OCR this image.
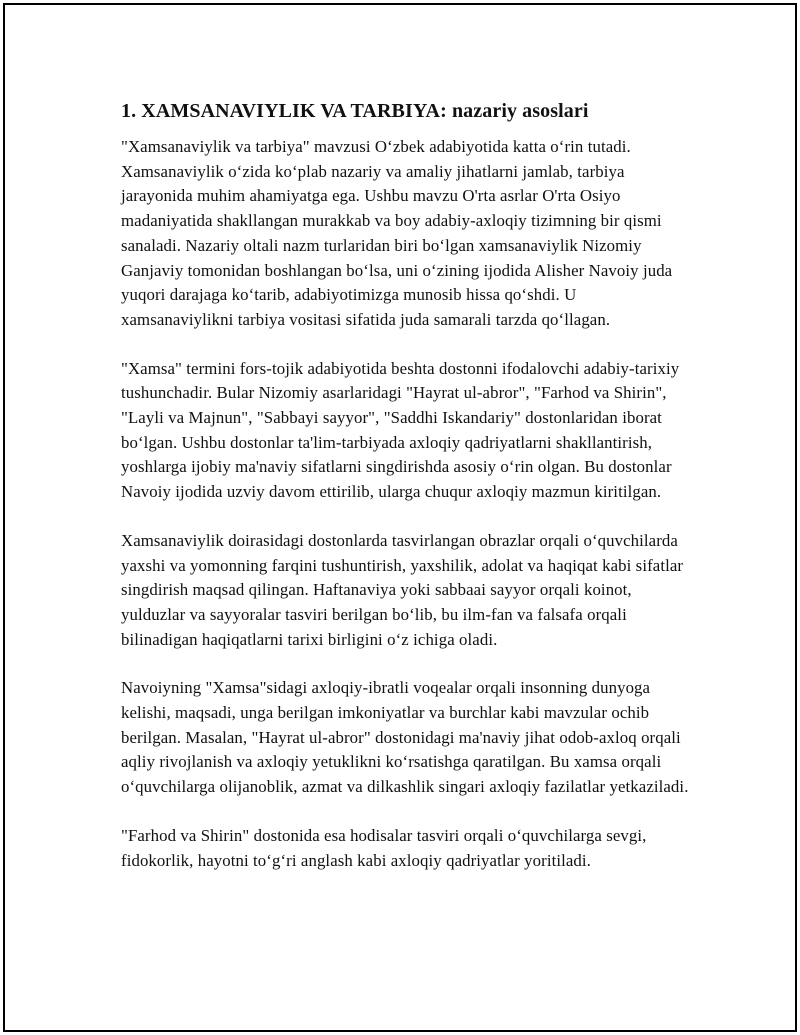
1. XAMSANAVIYLIK VA TARBIYA: nazariy asoslari

"Xamsanaviylik va tarbiya" mavzusi O‘zbek adabiyotida katta o‘rin tutadi. Xamsanaviylik o‘zida ko‘plab nazariy va amaliy jihatlarni jamlab, tarbiya jarayonida muhim ahamiyatga ega. Ushbu mavzu O'rta asrlar O'rta Osiyo madaniyatida shakllangan murakkab va boy adabiy-axloqiy tizimning bir qismi sanaladi. Nazariy oltali nazm turlaridan biri bo‘lgan xamsanaviylik Nizomiy Ganjaviy tomonidan boshlangan bo‘lsa, uni o‘zining ijodida Alisher Navoiy juda yuqori darajaga ko‘tarib, adabiyotimizga munosib hissa qo‘shdi. U xamsanaviylikni tarbiya vositasi sifatida juda samarali tarzda qo‘llagan.

"Xamsa" termini fors-tojik adabiyotida beshta dostonni ifodalovchi adabiy-tarixiy tushunchadir. Bular Nizomiy asarlaridagi "Hayrat ul-abror", "Farhod va Shirin", "Layli va Majnun", "Sabbayi sayyor", "Saddhi Iskandariy" dostonlaridan iborat bo‘lgan. Ushbu dostonlar ta'lim-tarbiyada axloqiy qadriyatlarni shakllantirish, yoshlarga ijobiy ma'naviy sifatlarni singdirishda asosiy o‘rin olgan. Bu dostonlar Navoiy ijodida uzviy davom ettirilib, ularga chuqur axloqiy mazmun kiritilgan.

Xamsanaviylik doirasidagi dostonlarda tasvirlangan obrazlar orqali o‘quvchilarda yaxshi va yomonning farqini tushuntirish, yaxshilik, adolat va haqiqat kabi sifatlar singdirish maqsad qilingan. Haftanaviya yoki sabbaai sayyor orqali koinot, yulduzlar va sayyoralar tasviri berilgan bo‘lib, bu ilm-fan va falsafa orqali bilinadigan haqiqatlarni tarixi birligini o‘z ichiga oladi.

Navoiyning "Xamsa"sidagi axloqiy-ibratli voqealar orqali insonning dunyoga kelishi, maqsadi, unga berilgan imkoniyatlar va burchlar kabi mavzular ochib berilgan. Masalan, "Hayrat ul-abror" dostonidagi ma'naviy jihat odob-axloq orqali aqliy rivojlanish va axloqiy yetuklikni ko‘rsatishga qaratilgan. Bu xamsa orqali o‘quvchilarga olijanoblik, azmat va dilkashlik singari axloqiy fazilatlar yetkaziladi.

"Farhod va Shirin" dostonida esa hodisalar tasviri orqali o‘quvchilarga sevgi, fidokorlik, hayotni to‘g‘ri anglash kabi axloqiy qadriyatlar yoritiladi.
